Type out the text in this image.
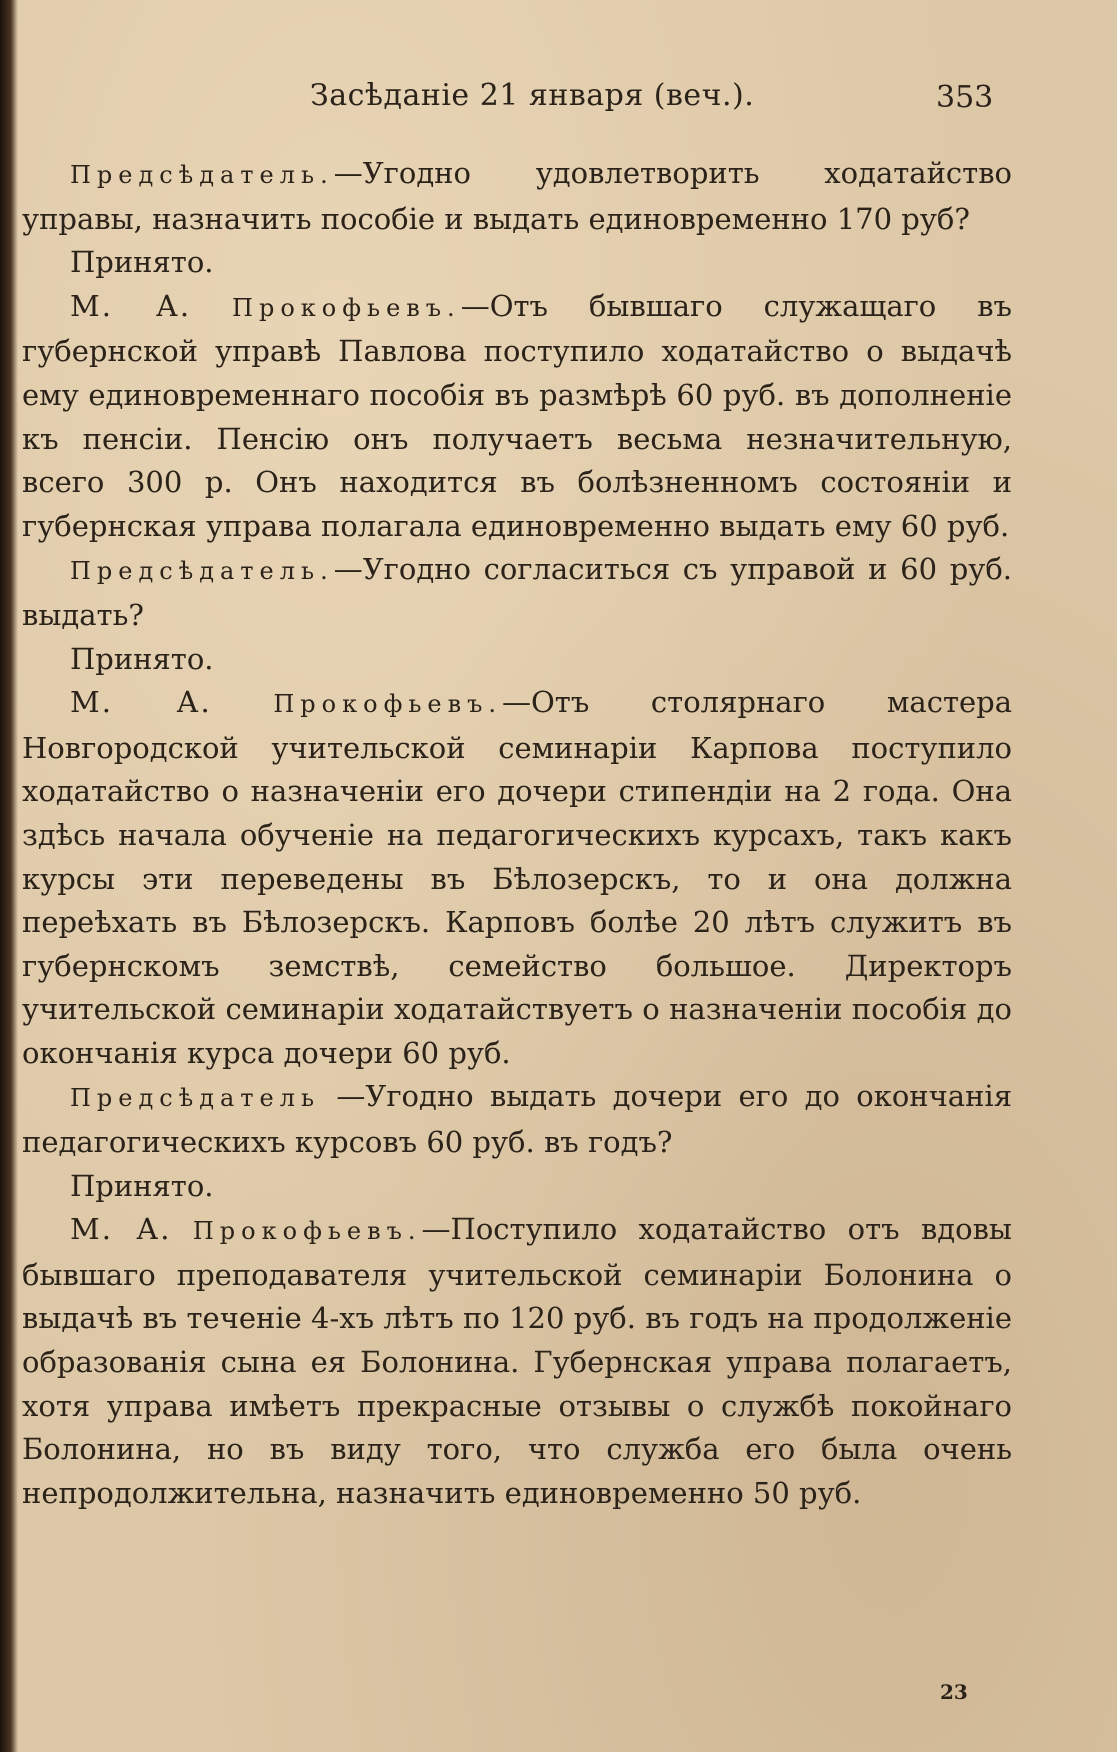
Засѣданіе 21 января (веч.).	353

Предсѣдатель.—Угодно удовлетворить ходатайство управы, назначить пособіе и выдать единовременно 170 руб?

Принято.

М. А. Прокофьевъ.—Отъ бывшаго служащаго въ губернской управѣ Павлова поступило ходатайство о выдачѣ ему единовременнаго пособія въ размѣрѣ 60 руб. въ дополненіе къ пенсіи. Пенсію онъ получаетъ весьма незначительную, всего 300 р. Онъ находится въ болѣзненномъ состояніи и губернская управа полагала единовременно выдать ему 60 руб.

Предсѣдатель.—Угодно согласиться съ управой и 60 руб. выдать?

Принято.

М. А.	Прокофьевъ.—Отъ столярнаго мастера Новгородской учительской семинаріи Карпова поступило ходатайство о назначеніи его дочери стипендіи на 2 года. Она здѣсь начала обученіе на педагогическихъ курсахъ, такъ какъ курсы эти переведены въ Бѣлозерскъ, то и она должна переѣхать въ Бѣлозерскъ. Карповъ болѣе 20 лѣтъ служитъ въ губернскомъ земствѣ, семейство большое. Директоръ учительской семинаріи ходатайствуетъ о назначеніи пособія до окончанія курса дочери 60 руб.

Предсѣдатель —Угодно выдать дочери его до окончанія педагогическихъ курсовъ 60 руб. въ годъ?

Принято.

М. А. Прокофьевъ.—Поступило ходатайство отъ вдовы бывшаго преподавателя учительской семинаріи Болонина о выдачѣ въ теченіе 4-хъ лѣтъ по 120 руб. въ годъ на продолженіе образованія сына ея Болонина. Губернская управа полагаетъ, хотя управа имѣетъ прекрасные отзывы о службѣ покойнаго Болонина, но въ виду того, что служба его была очень непродолжительна, назначить единовременно 50 руб.

23
